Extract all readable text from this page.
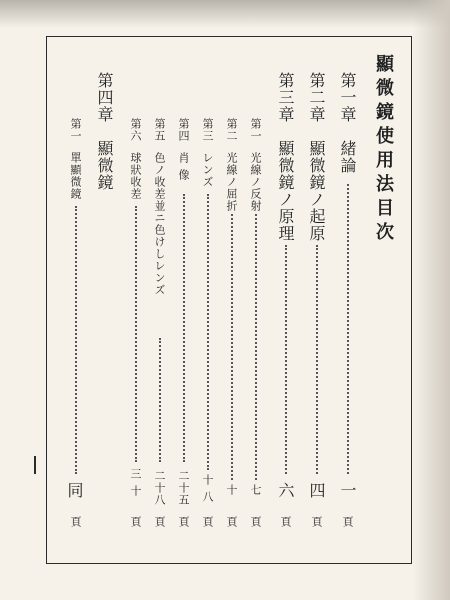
顯微鏡使用法目次
第一章
緒論
一
頁
第二章
顯微鏡ノ起原
四
頁
第三章
顯微鏡ノ原理
六
頁
第一
光線ノ反射
七
頁
第二
光線ノ屈折
十
頁
第三
レンズ
十八
頁
第四
肖像
二十五
頁
第五
色ノ收差並ニ色けしレンズ
二十八
頁
第六
球狀收差
三十
頁
第四章
顯微鏡
第一
單顯微鏡
同
頁
